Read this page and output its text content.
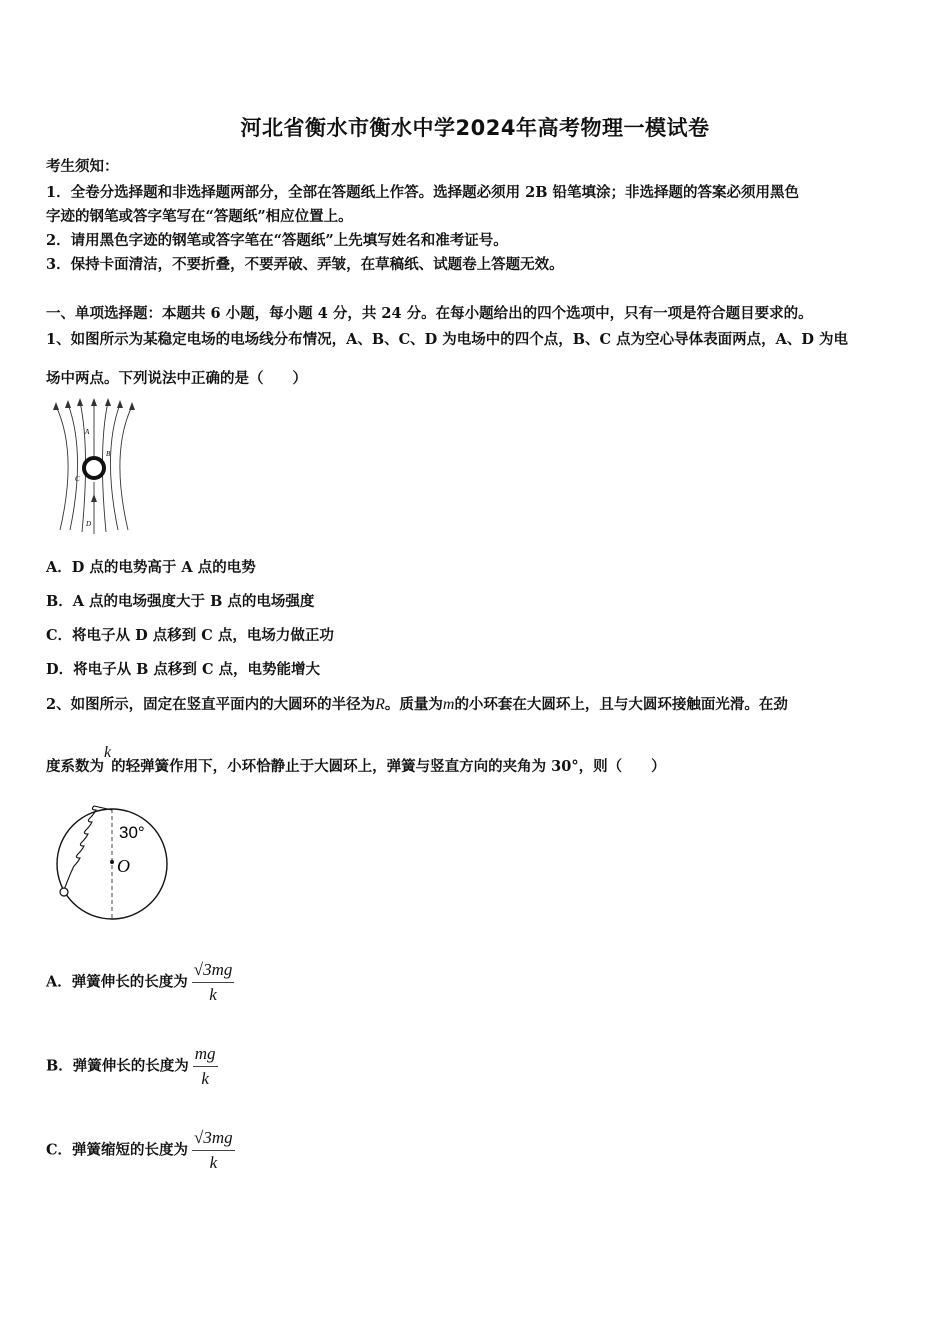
河北省衡水市衡水中学2024年高考物理一模试卷
考生须知：
1．全卷分选择题和非选择题两部分，全部在答题纸上作答。选择题必须用 2B 铅笔填涂；非选择题的答案必须用黑色
字迹的钢笔或答字笔写在“答题纸”相应位置上。
2．请用黑色字迹的钢笔或答字笔在“答题纸”上先填写姓名和准考证号。
3．保持卡面清洁，不要折叠，不要弄破、弄皱，在草稿纸、试题卷上答题无效。
一、单项选择题：本题共 6 小题，每小题 4 分，共 24 分。在每小题给出的四个选项中，只有一项是符合题目要求的。
1、如图所示为某稳定电场的电场线分布情况，A、B、C、D 为电场中的四个点，B、C 点为空心导体表面两点，A、D 为电
场中两点。下列说法中正确的是（　　）
A
B
C
D
A．D 点的电势高于 A 点的电势
B．A 点的电场强度大于 B 点的电场强度
C．将电子从 D 点移到 C 点，电场力做正功
D．将电子从 B 点移到 C 点，电势能增大
2、如图所示，固定在竖直平面内的大圆环的半径为R。质量为m的小环套在大圆环上，且与大圆环接触面光滑。在劲
度系数为k的轻弹簧作用下，小环恰静止于大圆环上，弹簧与竖直方向的夹角为 30°，则（　　）
30°
O
A．弹簧伸长的长度为 $\frac{√3mg}{k}$
B．弹簧伸长的长度为 $\frac{mg}{k}$
C．弹簧缩短的长度为 $\frac{√3mg}{k}$
